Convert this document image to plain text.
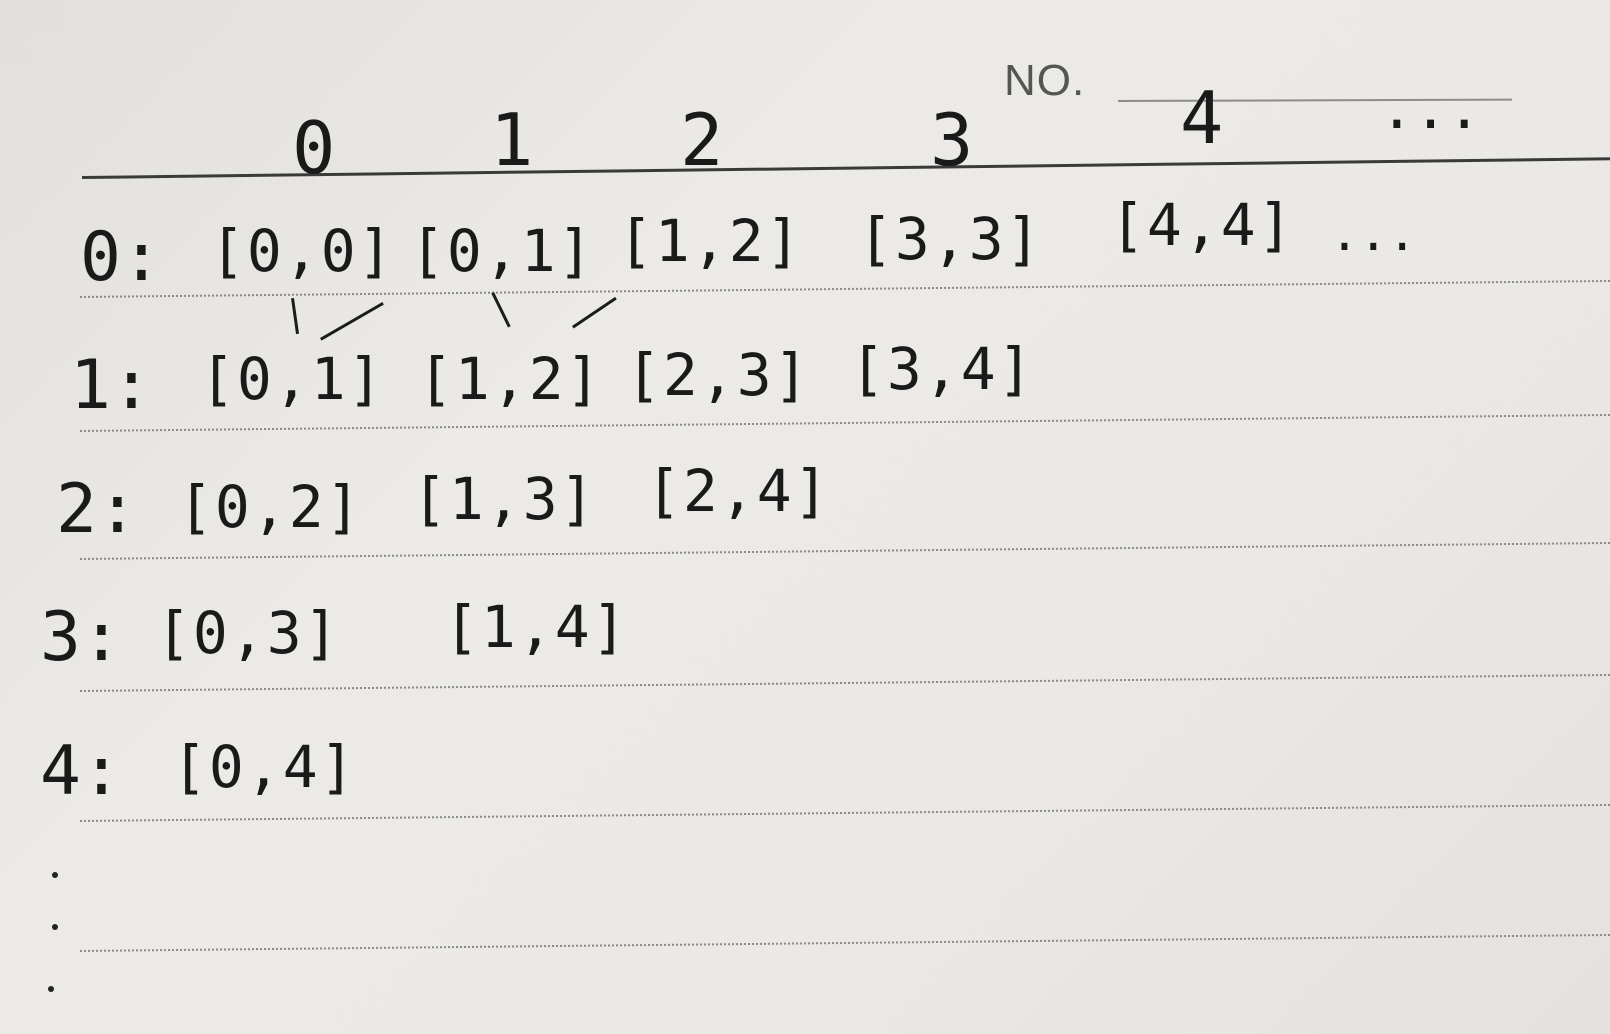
NO.
0 1 2	3	4	...
0: [0,0] [0,1] [1,2] [3,3] [4,4] ...
1: [0,1] [1,2] [2,3] [3,4]
2: [0,2] [1,3] [2,4]
3: [0,3] [1,4]
4: [0,4]
